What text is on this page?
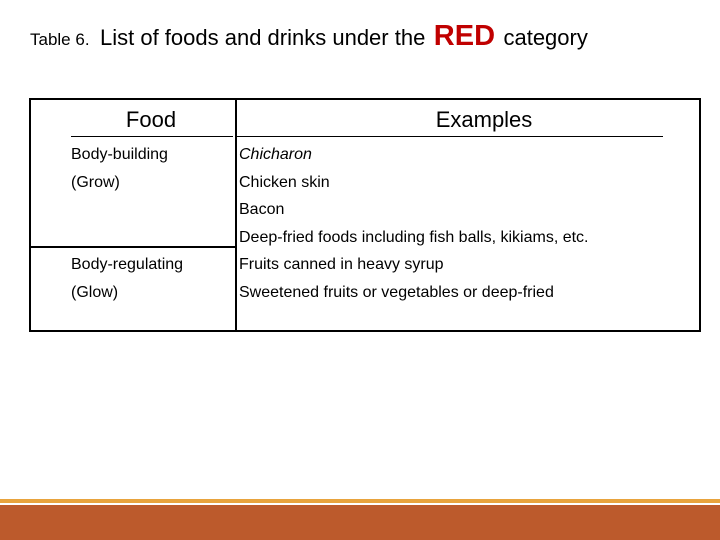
Table 6. List of foods and drinks under the RED category
Food	Examples
Body-building
(Grow)
Body-regulating
(Glow)
Chicharon
Chicken skin
Bacon
Deep-fried foods including fish balls, kikiams, etc.
Fruits canned in heavy syrup
Sweetened fruits or vegetables or deep-fried
